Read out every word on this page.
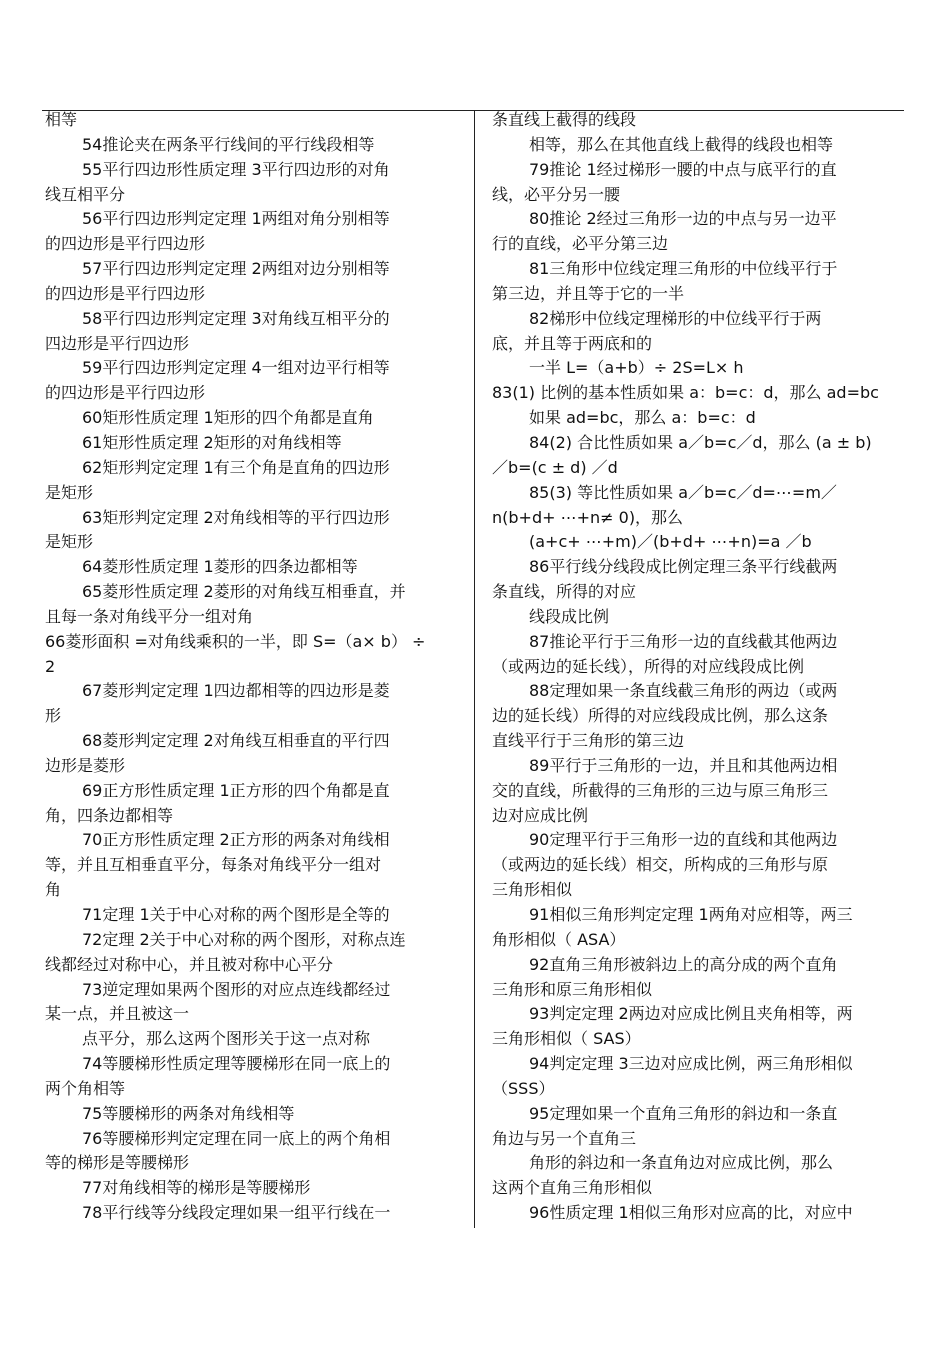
相等
54推论夹在两条平行线间的平行线段相等
55平行四边形性质定理 3平行四边形的对角
线互相平分
56平行四边形判定定理 1两组对角分别相等
的四边形是平行四边形
57平行四边形判定定理 2两组对边分别相等
的四边形是平行四边形
58平行四边形判定定理 3对角线互相平分的
四边形是平行四边形
59平行四边形判定定理 4一组对边平行相等
的四边形是平行四边形
60矩形性质定理 1矩形的四个角都是直角
61矩形性质定理 2矩形的对角线相等
62矩形判定定理 1有三个角是直角的四边形
是矩形
63矩形判定定理 2对角线相等的平行四边形
是矩形
64菱形性质定理 1菱形的四条边都相等
65菱形性质定理 2菱形的对角线互相垂直，并
且每一条对角线平分一组对角
66菱形面积 =对角线乘积的一半，即 S=（a× b） ÷
2
67菱形判定定理 1四边都相等的四边形是菱
形
68菱形判定定理 2对角线互相垂直的平行四
边形是菱形
69正方形性质定理 1正方形的四个角都是直
角，四条边都相等
70正方形性质定理 2正方形的两条对角线相
等，并且互相垂直平分，每条对角线平分一组对
角
71定理 1关于中心对称的两个图形是全等的
72定理 2关于中心对称的两个图形，对称点连
线都经过对称中心，并且被对称中心平分
73逆定理如果两个图形的对应点连线都经过
某一点，并且被这一
点平分，那么这两个图形关于这一点对称
74等腰梯形性质定理等腰梯形在同一底上的
两个角相等
75等腰梯形的两条对角线相等
76等腰梯形判定定理在同一底上的两个角相
等的梯形是等腰梯形
77对角线相等的梯形是等腰梯形
78平行线等分线段定理如果一组平行线在一
条直线上截得的线段
相等，那么在其他直线上截得的线段也相等
79推论 1经过梯形一腰的中点与底平行的直
线，必平分另一腰
80推论 2经过三角形一边的中点与另一边平
行的直线，必平分第三边
81三角形中位线定理三角形的中位线平行于
第三边，并且等于它的一半
82梯形中位线定理梯形的中位线平行于两
底，并且等于两底和的
一半 L=（a+b）÷ 2S=L× h
83(1) 比例的基本性质如果 a：b=c：d，那么 ad=bc
如果 ad=bc，那么 a：b=c：d
84(2) 合比性质如果 a／b=c／d，那么 (a ± b)
／b=(c ± d) ／d
85(3) 等比性质如果 a／b=c／d=⋯=m／
n(b+d+ ⋯+n≠ 0)，那么
(a+c+ ⋯+m)／(b+d+ ⋯+n)=a ／b
86平行线分线段成比例定理三条平行线截两
条直线，所得的对应
线段成比例
87推论平行于三角形一边的直线截其他两边
（或两边的延长线），所得的对应线段成比例
88定理如果一条直线截三角形的两边（或两
边的延长线）所得的对应线段成比例，那么这条
直线平行于三角形的第三边
89平行于三角形的一边，并且和其他两边相
交的直线，所截得的三角形的三边与原三角形三
边对应成比例
90定理平行于三角形一边的直线和其他两边
（或两边的延长线）相交，所构成的三角形与原
三角形相似
91相似三角形判定定理 1两角对应相等，两三
角形相似（ ASA）
92直角三角形被斜边上的高分成的两个直角
三角形和原三角形相似
93判定定理 2两边对应成比例且夹角相等，两
三角形相似（ SAS）
94判定定理 3三边对应成比例，两三角形相似
（SSS）
95定理如果一个直角三角形的斜边和一条直
角边与另一个直角三
角形的斜边和一条直角边对应成比例，那么
这两个直角三角形相似
96性质定理 1相似三角形对应高的比，对应中
